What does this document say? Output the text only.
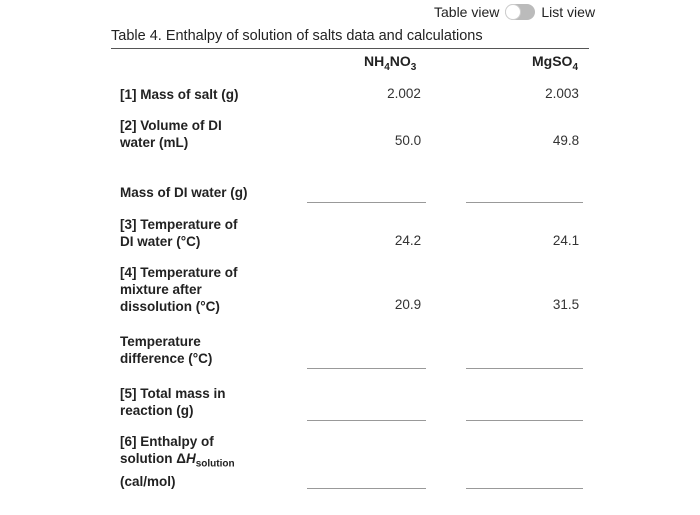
Table view	List view
Table 4. Enthalpy of solution of salts data and calculations
$NH_4NO_3$	MgSO$_4$
[1] Mass of salt (g)	2.002	2.003
[2] Volume of DI
water (mL)	50.0	49.8
Mass of DI water (g)
[3] Temperature of
DI water (°C)	24.2	24.1
[4] Temperature of
mixture after
dissolution (°C)	20.9	31.5
Temperature
difference (°C)
[5] Total mass in
reaction (g)
[6] Enthalpy of
solution $\Delta H_{solution}$
(cal/mol)
